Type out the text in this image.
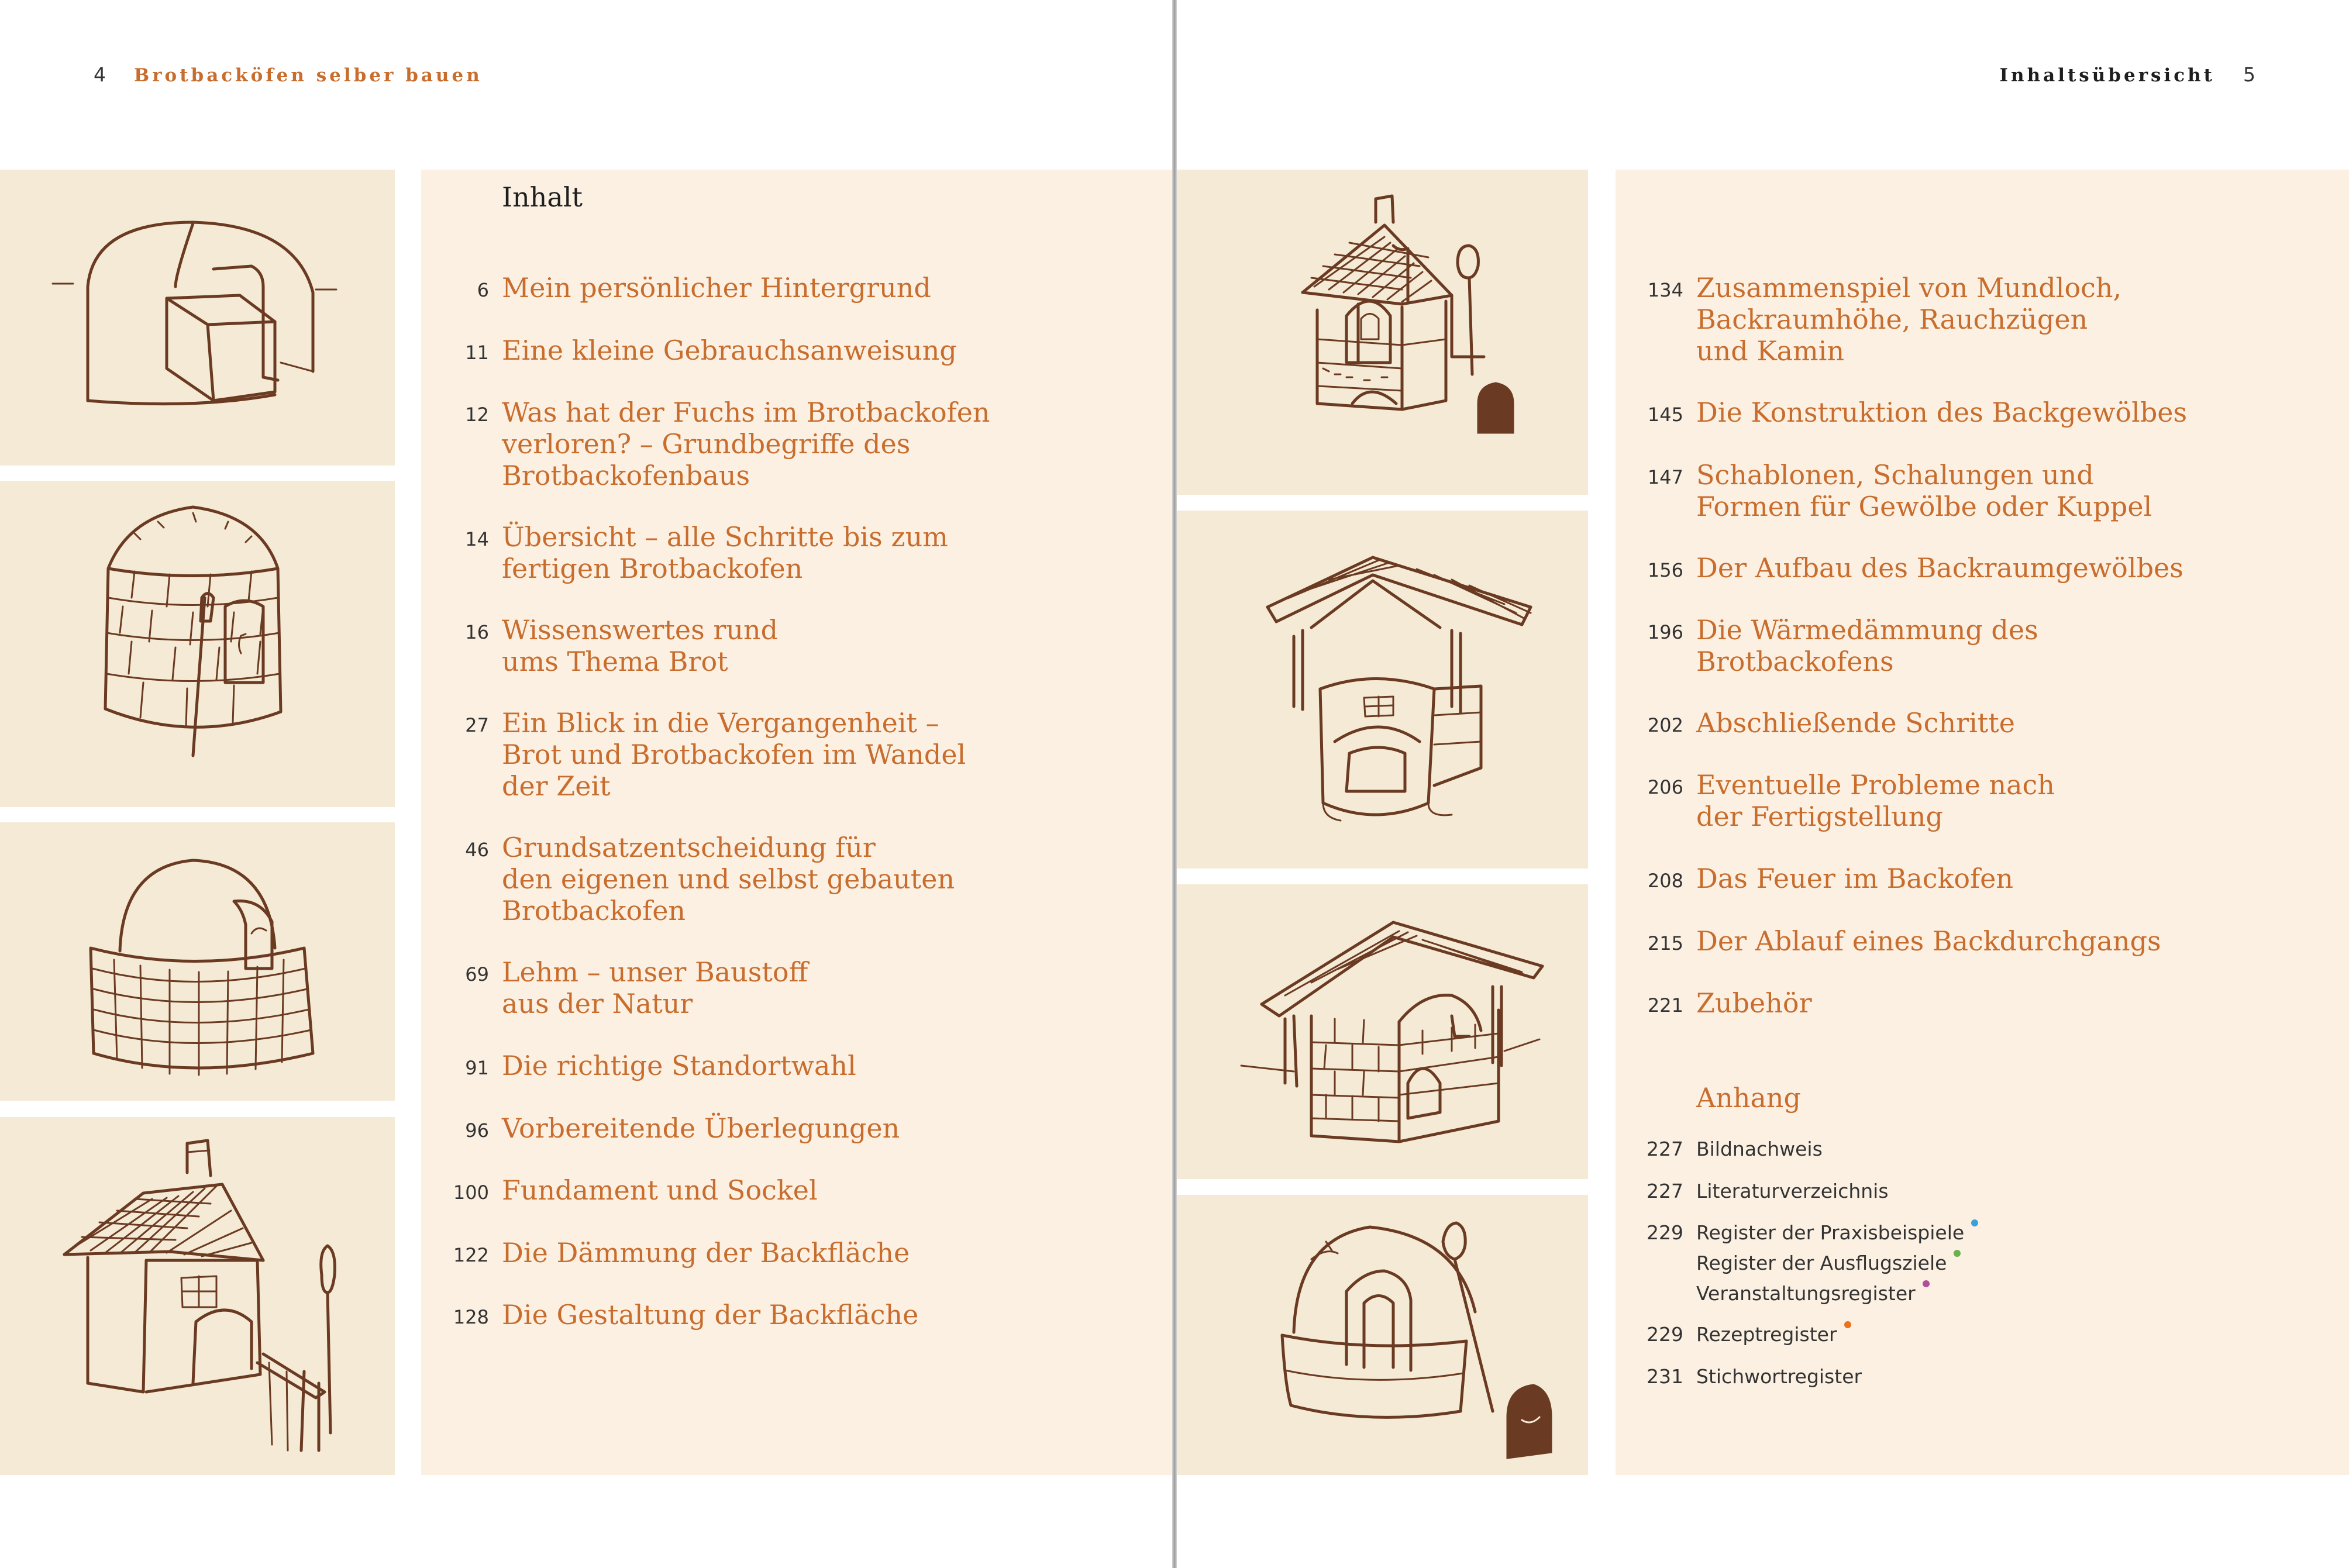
4 Brotbacköfen selber bauen	Inhaltsübersicht 5
Inhalt
6 Mein persönlicher Hintergrund
11 Eine kleine Gebrauchsanweisung
12 Was hat der Fuchs im Brotbackofen
verloren? – Grundbegriffe des
Brotbackofenbaus
14 Übersicht – alle Schritte bis zum
fertigen Brotbackofen
16 Wissenswertes rund
ums Thema Brot
27 Ein Blick in die Vergangenheit –
Brot und Brotbackofen im Wandel
der Zeit
46 Grundsatzentscheidung für
den eigenen und selbst gebauten
Brotbackofen
69 Lehm – unser Baustoff
aus der Natur
91 Die richtige Standortwahl
96 Vorbereitende Überlegungen
100 Fundament und Sockel
122 Die Dämmung der Backfläche
128 Die Gestaltung der Backfläche
134 Zusammenspiel von Mundloch,
Backraumhöhe, Rauchzügen
und Kamin
145 Die Konstruktion des Backgewölbes
147 Schablonen, Schalungen und
Formen für Gewölbe oder Kuppel
156 Der Aufbau des Backraumgewölbes
196 Die Wärmedämmung des
Brotbackofens
202 Abschließende Schritte
206 Eventuelle Probleme nach
der Fertigstellung
208 Das Feuer im Backofen
215 Der Ablauf eines Backdurchgangs
221 Zubehör
Anhang
227 Bildnachweis
227 Literaturverzeichnis
229 Register der Praxisbeispiele
Register der Ausflugsziele
Veranstaltungsregister
229 Rezeptregister
231 Stichwortregister
